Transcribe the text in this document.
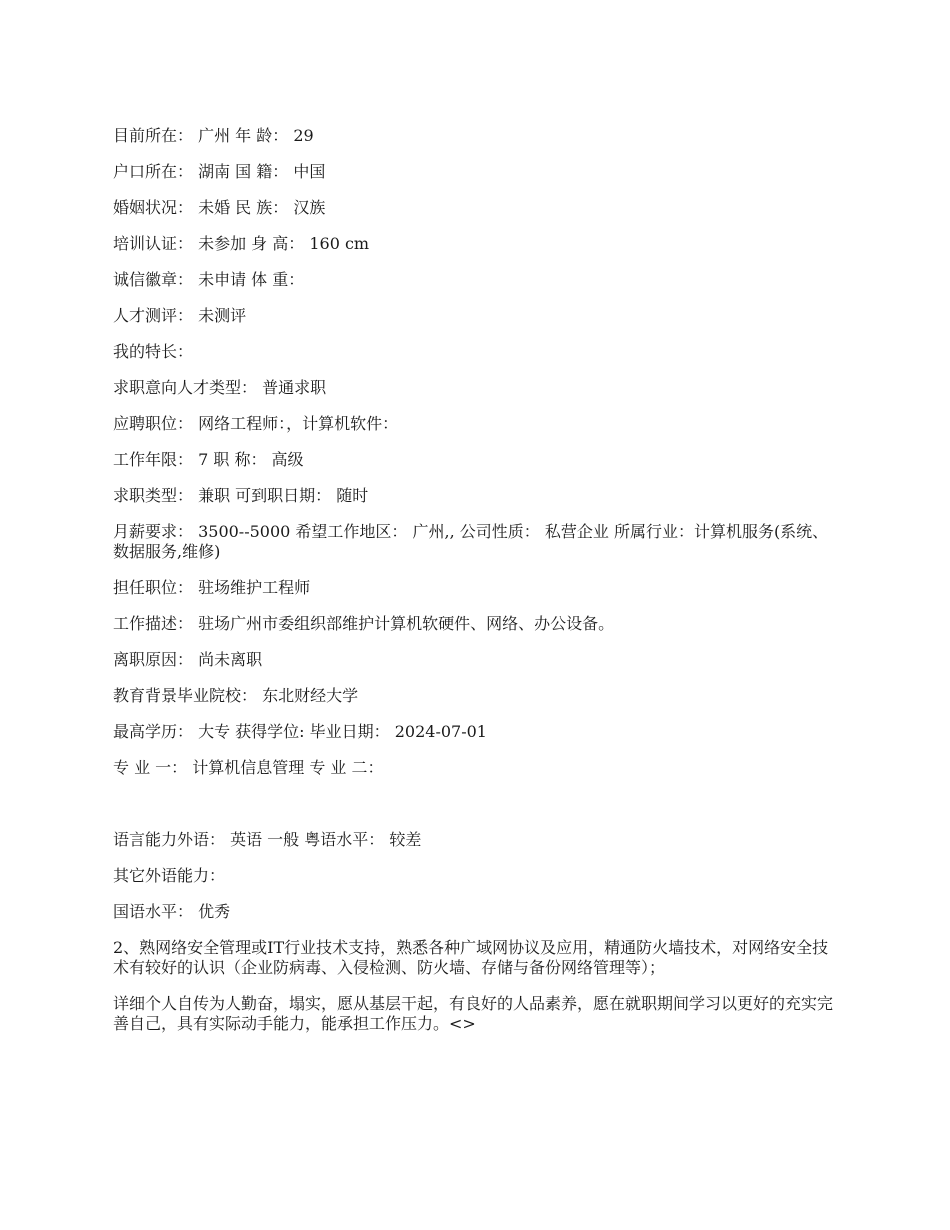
目前所在： 广州 年 龄： 29
户口所在： 湖南 国 籍： 中国
婚姻状况： 未婚 民 族： 汉族
培训认证： 未参加 身 高： 160 cm
诚信徽章： 未申请 体 重：
人才测评： 未测评
我的特长：
求职意向人才类型： 普通求职
应聘职位： 网络工程师：，计算机软件：
工作年限： 7 职 称： 高级
求职类型： 兼职 可到职日期： 随时
月薪要求： 3500--5000 希望工作地区： 广州,, 公司性质： 私营企业 所属行业：计算机服务(系统、数据服务,维修)
担任职位： 驻场维护工程师
工作描述： 驻场广州市委组织部维护计算机软硬件、网络、办公设备。
离职原因： 尚未离职
教育背景毕业院校： 东北财经大学
最高学历： 大专 获得学位: 毕业日期： 2024-07-01
专 业 一： 计算机信息管理 专 业 二：
语言能力外语： 英语 一般 粤语水平： 较差
其它外语能力：
国语水平： 优秀
2、熟网络安全管理或IT行业技术支持，熟悉各种广域网协议及应用，精通防火墙技术，对网络安全技术有较好的认识（企业防病毒、入侵检测、防火墙、存储与备份网络管理等）；
详细个人自传为人勤奋，塌实，愿从基层干起，有良好的人品素养，愿在就职期间学习以更好的充实完善自己，具有实际动手能力，能承担工作压力。<>
